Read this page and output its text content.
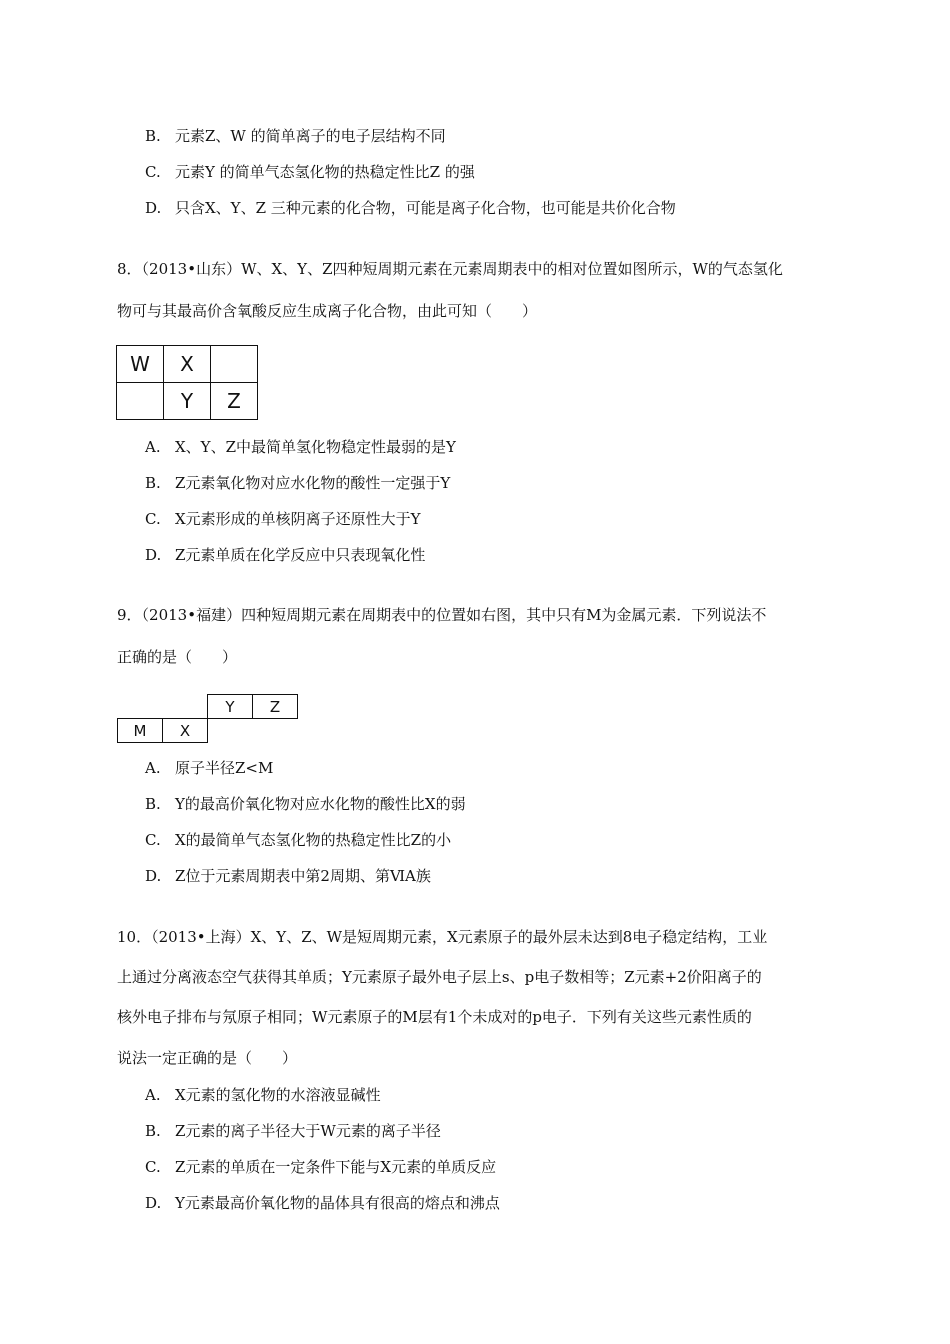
B. 元素Z、W 的简单离子的电子层结构不同
C. 元素Y 的简单气态氢化物的热稳定性比Z 的强
D. 只含X、Y、Z 三种元素的化合物，可能是离子化合物，也可能是共价化合物
8．（2013•山东）W、X、Y、Z四种短周期元素在元素周期表中的相对位置如图所示，W的气态氢化
物可与其最高价含氧酸反应生成离子化合物，由此可知（　　）
W	X	
	Y	Z
A. X、Y、Z中最简单氢化物稳定性最弱的是Y
B. Z元素氧化物对应水化物的酸性一定强于Y
C. X元素形成的单核阴离子还原性大于Y
D. Z元素单质在化学反应中只表现氧化性
9．（2013•福建）四种短周期元素在周期表中的位置如右图，其中只有M为金属元素．下列说法不
正确的是（　　）
		Y	Z
M	X		
A. 原子半径Z<M
B. Y的最高价氧化物对应水化物的酸性比X的弱
C. X的最简单气态氢化物的热稳定性比Z的小
D. Z位于元素周期表中第2周期、第ⅥA族
10．（2013•上海）X、Y、Z、W是短周期元素，X元素原子的最外层未达到8电子稳定结构，工业
上通过分离液态空气获得其单质；Y元素原子最外电子层上s、p电子数相等；Z元素+2价阳离子的
核外电子排布与氖原子相同；W元素原子的M层有1个未成对的p电子．下列有关这些元素性质的
说法一定正确的是（　　）
A. X元素的氢化物的水溶液显碱性
B. Z元素的离子半径大于W元素的离子半径
C. Z元素的单质在一定条件下能与X元素的单质反应
D. Y元素最高价氧化物的晶体具有很高的熔点和沸点
